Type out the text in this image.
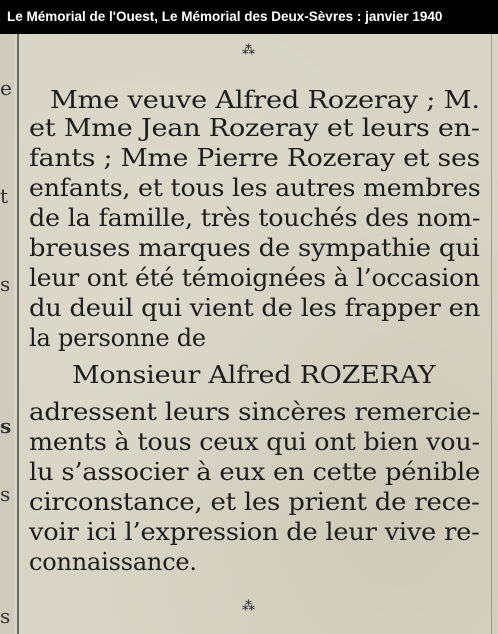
Le Mémorial de l'Ouest, Le Mémorial des Deux-Sèvres : janvier 1940
e
t
s
s
s
s
⁂
Mme veuve Alfred Rozeray ; M.
et Mme Jean Rozeray et leurs en-
fants ; Mme Pierre Rozeray et ses
enfants, et tous les autres membres
de la famille, très touchés des nom-
breuses marques de sympathie qui
leur ont été témoignées à l’occasion
du deuil qui vient de les frapper en
la personne de
Monsieur Alfred ROZERAY
adressent leurs sincères remercie-
ments à tous ceux qui ont bien vou-
lu s’associer à eux en cette pénible
circonstance, et les prient de rece-
voir ici l’expression de leur vive re-
connaissance.
⁂
